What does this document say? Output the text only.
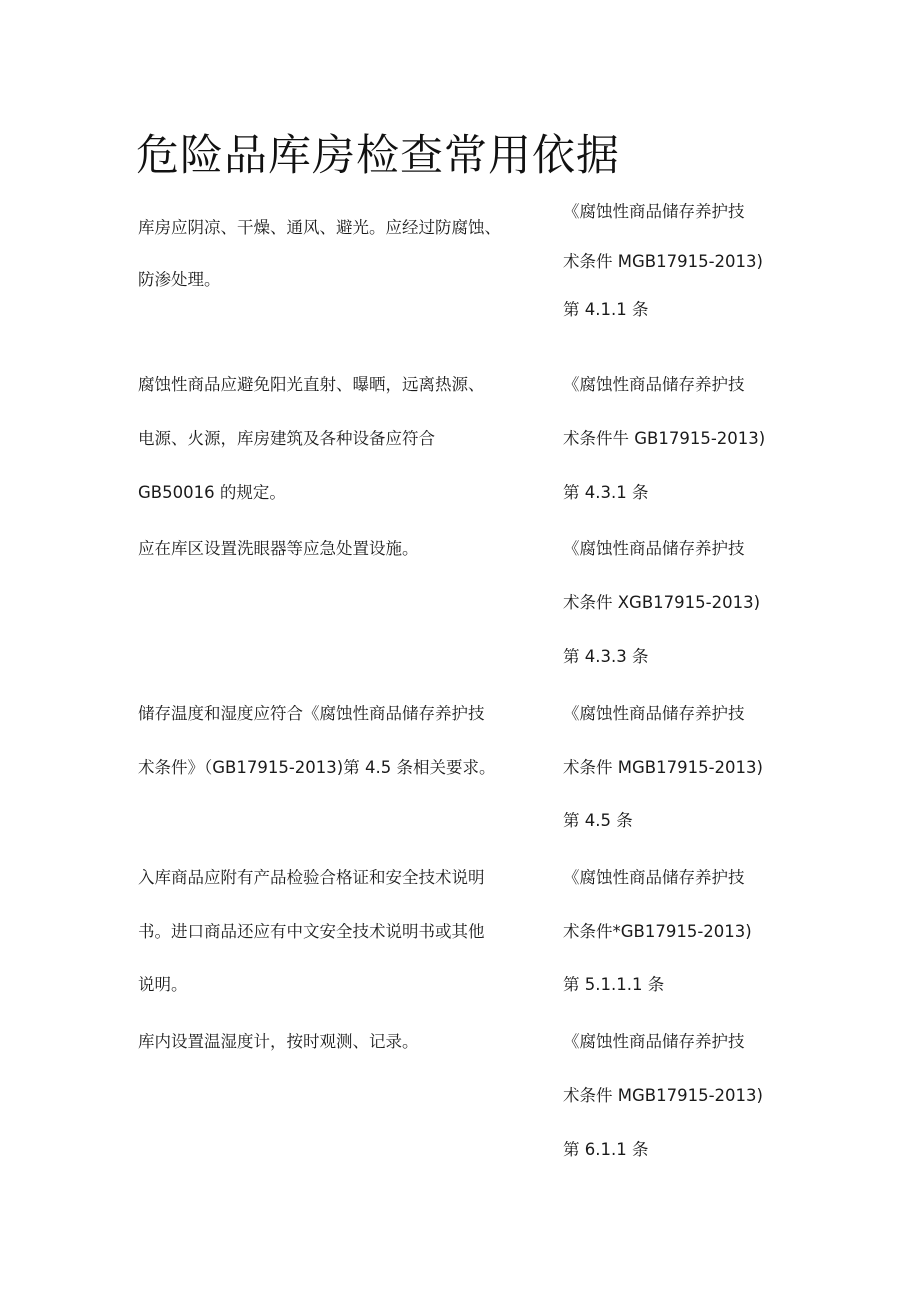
危险品库房检查常用依据
库房应阴凉、干燥、通风、避光。应经过防腐蚀、
防渗处理。
《腐蚀性商品储存养护技
术条件 MGB17915-2013)
第 4.1.1 条
腐蚀性商品应避免阳光直射、曝晒，远离热源、
电源、火源，库房建筑及各种设备应符合
GB50016 的规定。
《腐蚀性商品储存养护技
术条件牛 GB17915-2013)
第 4.3.1 条
应在库区设置洗眼器等应急处置设施。	《腐蚀性商品储存养护技
术条件 XGB17915-2013)
第 4.3.3 条
储存温度和湿度应符合《腐蚀性商品储存养护技
术条件》（GB17915-2013)第 4.5 条相关要求。
《腐蚀性商品储存养护技
术条件 MGB17915-2013)
第 4.5 条
入库商品应附有产品检验合格证和安全技术说明
书。进口商品还应有中文安全技术说明书或其他
说明。
《腐蚀性商品储存养护技
术条件*GB17915-2013)
第 5.1.1.1 条
库内设置温湿度计，按时观测、记录。	《腐蚀性商品储存养护技
术条件 MGB17915-2013)
第 6.1.1 条
